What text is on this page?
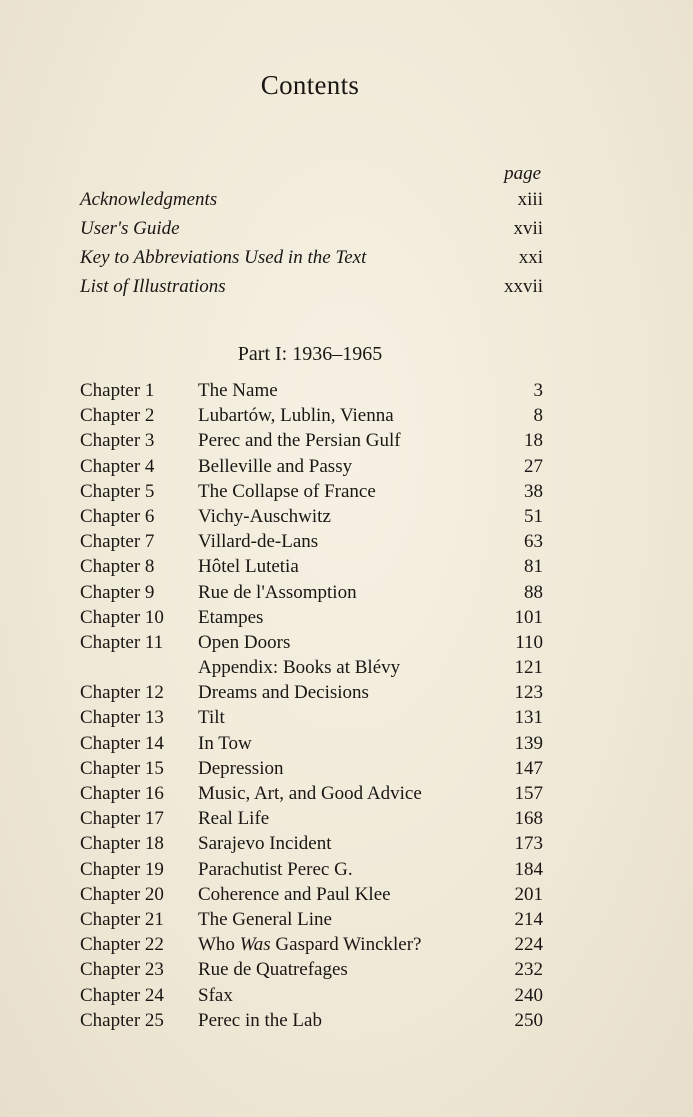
Contents
page
Acknowledgments	xiii
User's Guide	xvii
Key to Abbreviations Used in the Text	xxi
List of Illustrations	xxvii
Part I: 1936–1965
Chapter 1	The Name	3
Chapter 2	Lubartów, Lublin, Vienna	8
Chapter 3	Perec and the Persian Gulf	18
Chapter 4	Belleville and Passy	27
Chapter 5	The Collapse of France	38
Chapter 6	Vichy-Auschwitz	51
Chapter 7	Villard-de-Lans	63
Chapter 8	Hôtel Lutetia	81
Chapter 9	Rue de l'Assomption	88
Chapter 10	Etampes	101
Chapter 11	Open Doors	110
Appendix: Books at Blévy	121
Chapter 12	Dreams and Decisions	123
Chapter 13	Tilt	131
Chapter 14	In Tow	139
Chapter 15	Depression	147
Chapter 16	Music, Art, and Good Advice	157
Chapter 17	Real Life	168
Chapter 18	Sarajevo Incident	173
Chapter 19	Parachutist Perec G.	184
Chapter 20	Coherence and Paul Klee	201
Chapter 21	The General Line	214
Chapter 22	Who Was Gaspard Winckler?	224
Chapter 23	Rue de Quatrefages	232
Chapter 24	Sfax	240
Chapter 25	Perec in the Lab	250
